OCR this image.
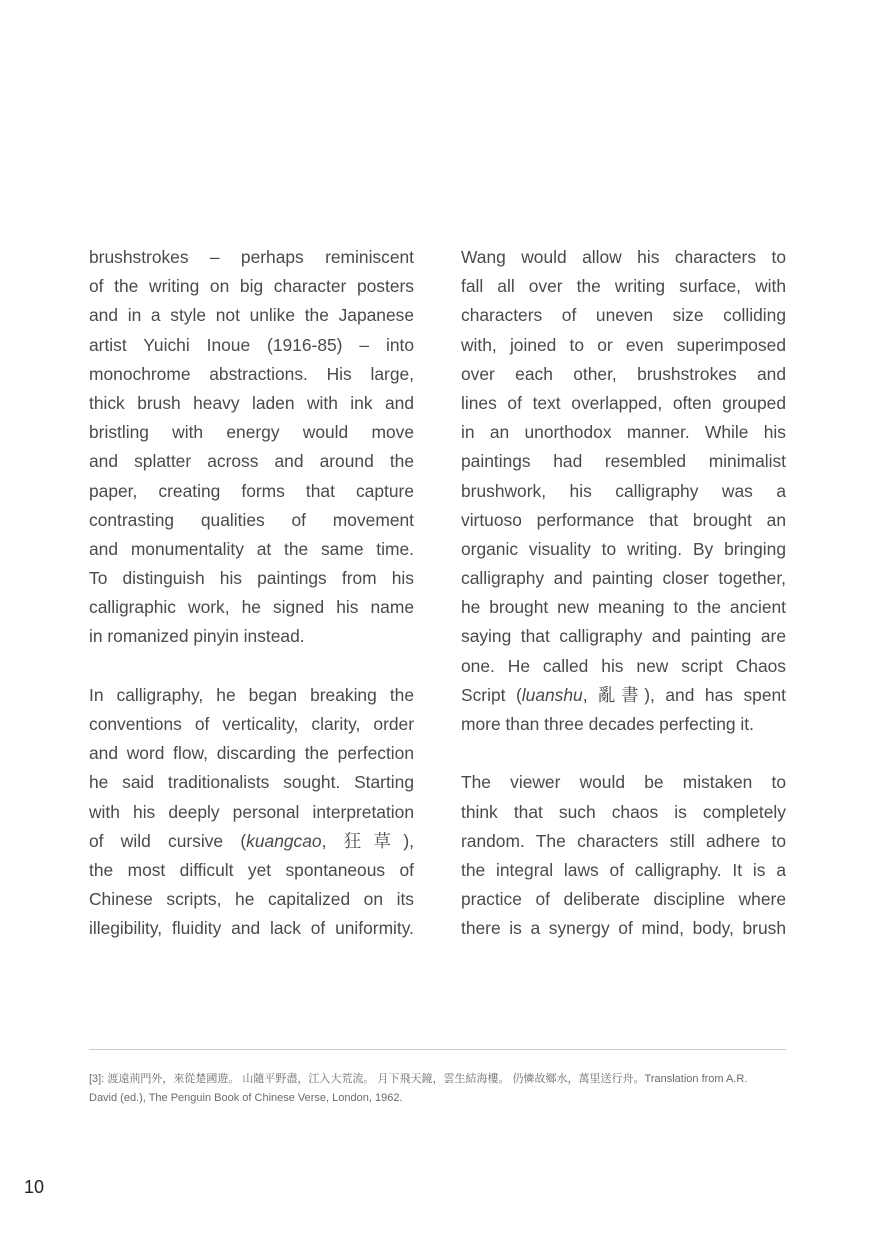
brushstrokes – perhaps reminiscent
of the writing on big character posters
and in a style not unlike the Japanese
artist Yuichi Inoue (1916-85) – into
monochrome abstractions. His large,
thick brush heavy laden with ink and
bristling with energy would move
and splatter across and around the
paper, creating forms that capture
contrasting qualities of movement
and monumentality at the same time.
To distinguish his paintings from his
calligraphic work, he signed his name
in romanized pinyin instead.
In calligraphy, he began breaking the
conventions of verticality, clarity, order
and word flow, discarding the perfection
he said traditionalists sought. Starting
with his deeply personal interpretation
of wild cursive (kuangcao, 狂草),
the most difficult yet spontaneous of
Chinese scripts, he capitalized on its
illegibility, fluidity and lack of uniformity.
Wang would allow his characters to
fall all over the writing surface, with
characters of uneven size colliding
with, joined to or even superimposed
over each other, brushstrokes and
lines of text overlapped, often grouped
in an unorthodox manner. While his
paintings had resembled minimalist
brushwork, his calligraphy was a
virtuoso performance that brought an
organic visuality to writing. By bringing
calligraphy and painting closer together,
he brought new meaning to the ancient
saying that calligraphy and painting are
one. He called his new script Chaos
Script (luanshu, 亂書), and has spent
more than three decades perfecting it.
The viewer would be mistaken to
think that such chaos is completely
random. The characters still adhere to
the integral laws of calligraphy. It is a
practice of deliberate discipline where
there is a synergy of mind, body, brush
[3]: 渡遠荊門外，來從楚國遊。 山隨平野盡，江入大荒流。 月下飛天鏡，雲生結海樓。 仍憐故鄉水，萬里送行舟。Translation from A.R.
David (ed.), The Penguin Book of Chinese Verse, London, 1962.
10
